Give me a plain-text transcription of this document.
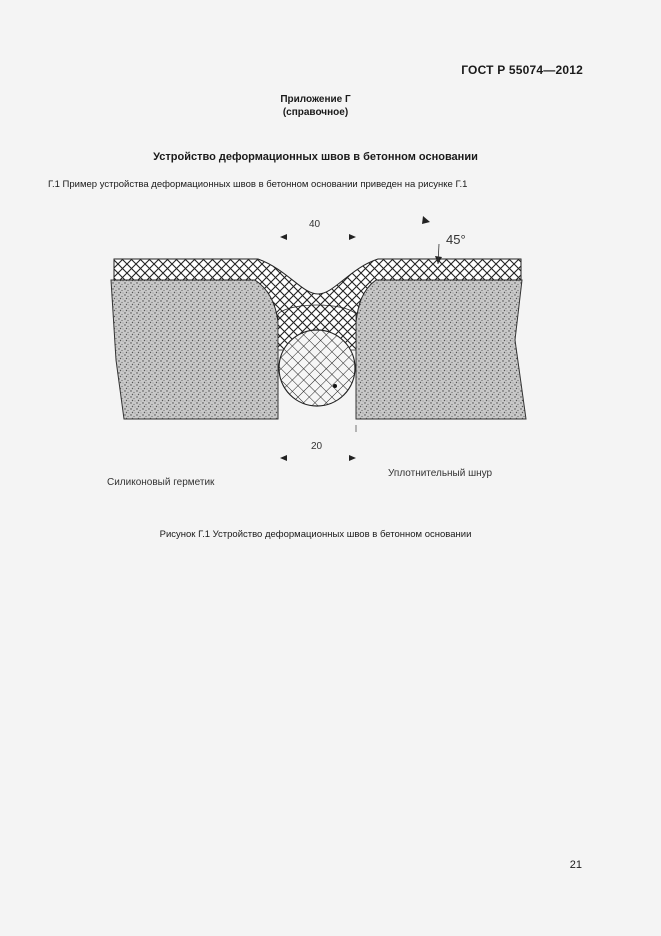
ГОСТ Р 55074—2012
Приложение Г
(справочное)
Устройство деформационных швов в бетонном основании
Г.1 Пример устройства деформационных швов в бетонном основании приведен на рисунке Г.1
40
45°
20
Силиконовый герметик
Уплотнительный шнур
Рисунок Г.1 Устройство деформационных швов в бетонном основании
21
